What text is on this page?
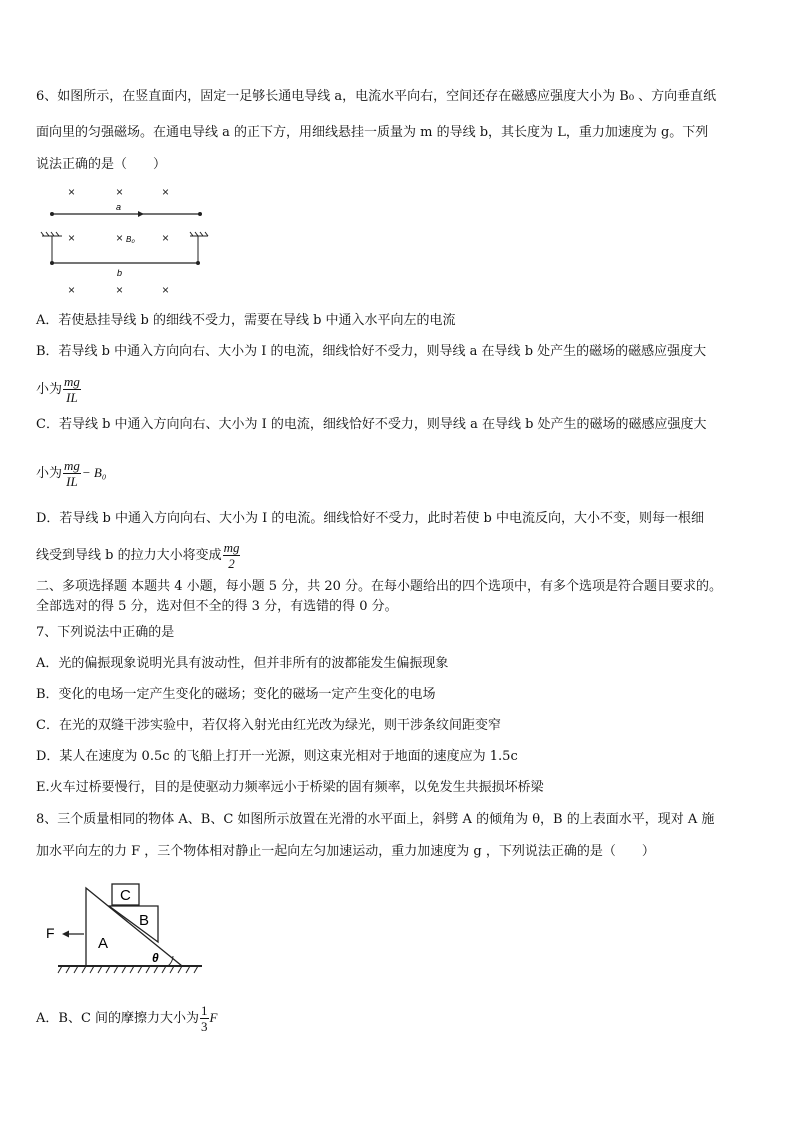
6、如图所示，在竖直面内，固定一足够长通电导线 a，电流水平向右，空间还存在磁感应强度大小为 B₀ 、方向垂直纸
面向里的匀强磁场。在通电导线 a 的正下方，用细线悬挂一质量为 m 的导线 b，其长度为 L，重力加速度为 g。下列
说法正确的是（　　）
×	×	×
×	×	×
×	×	×
a
B₀
b
A．若使悬挂导线 b 的细线不受力，需要在导线 b 中通入水平向左的电流
B．若导线 b 中通入方向向右、大小为 I 的电流，细线恰好不受力，则导线 a 在导线 b 处产生的磁场的磁感应强度大
小为 $\frac{mg}{IL}$
C．若导线 b 中通入方向向右、大小为 I 的电流，细线恰好不受力，则导线 a 在导线 b 处产生的磁场的磁感应强度大
小为 $\frac{mg}{IL} - B_0$
D．若导线 b 中通入方向向右、大小为 I 的电流。细线恰好不受力，此时若使 b 中电流反向，大小不变，则每一根细
线受到导线 b 的拉力大小将变成 $\frac{mg}{2}$
二、多项选择题 本题共 4 小题，每小题 5 分，共 20 分。在每小题给出的四个选项中，有多个选项是符合题目要求的。
全部选对的得 5 分，选对但不全的得 3 分，有选错的得 0 分。
7、下列说法中正确的是
A．光的偏振现象说明光具有波动性，但并非所有的波都能发生偏振现象
B．变化的电场一定产生变化的磁场；变化的磁场一定产生变化的电场
C．在光的双缝干涉实验中，若仅将入射光由红光改为绿光，则干涉条纹间距变窄
D．某人在速度为 0.5c 的飞船上打开一光源，则这束光相对于地面的速度应为 1.5c
E.火车过桥要慢行，目的是使驱动力频率远小于桥梁的固有频率，以免发生共振损坏桥梁
8、三个质量相同的物体 A、B、C 如图所示放置在光滑的水平面上，斜劈 A 的倾角为 θ，B 的上表面水平，现对 A 施
加水平向左的力 F ，三个物体相对静止一起向左匀加速运动，重力加速度为 g ，下列说法正确的是（　　）
F
A
B
C
θ
A．B、C 间的摩擦力大小为 $\frac{1}{3}$ F
